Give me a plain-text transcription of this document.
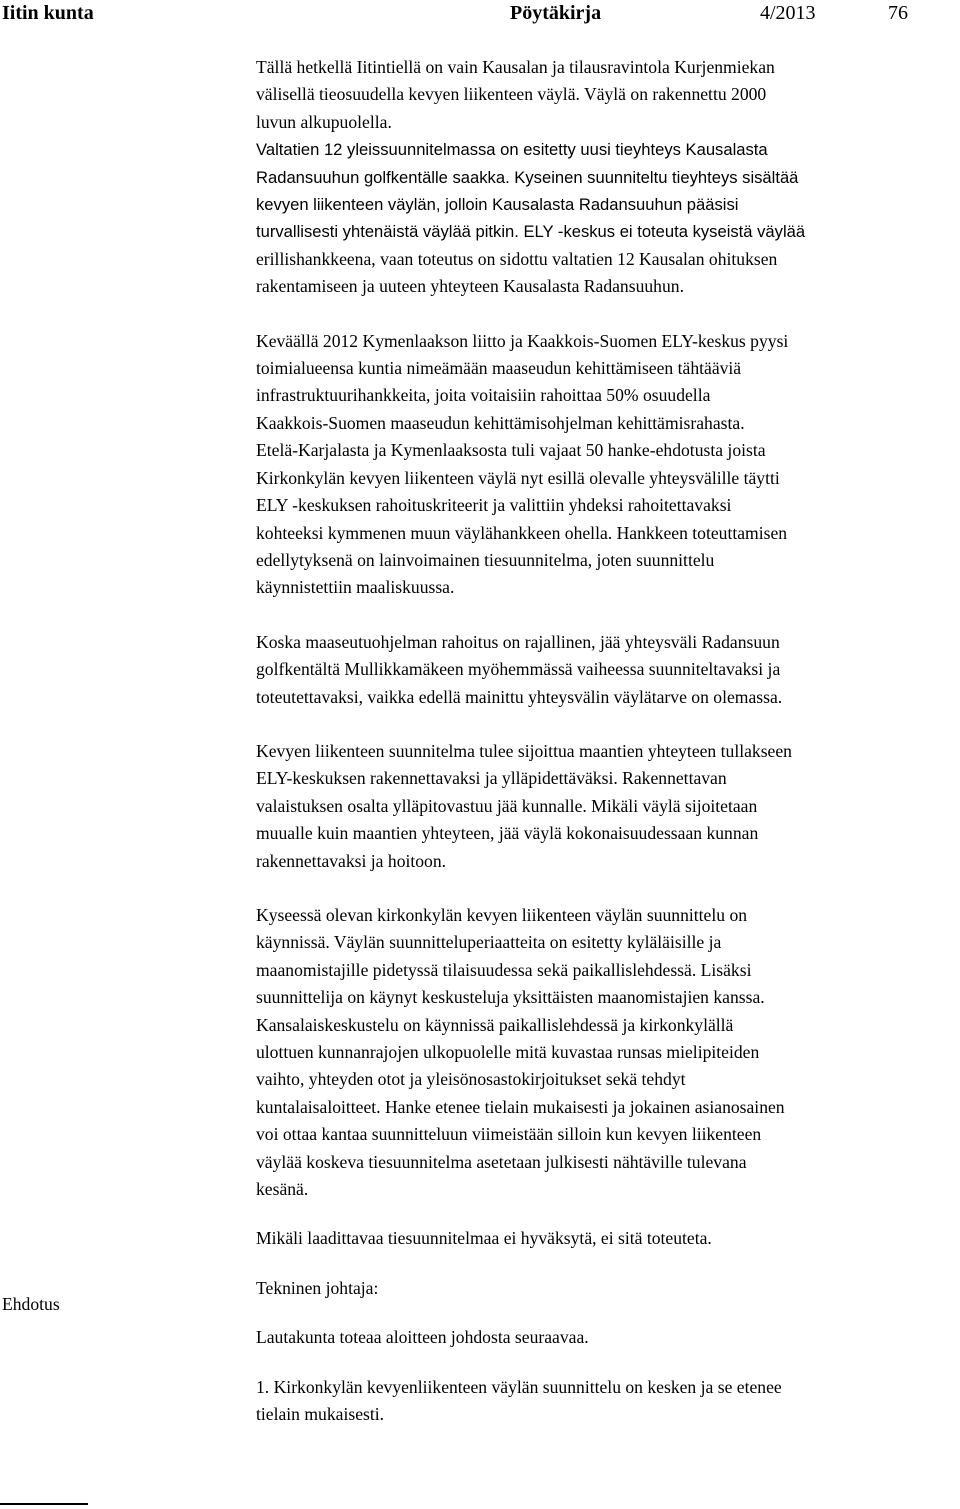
Iitin kunta	Pöytäkirja	4/2013	76

Tällä hetkellä Iitintiellä on vain Kausalan ja tilausravintola Kurjenmiekan
välisellä tieosuudella kevyen liikenteen väylä. Väylä on rakennettu 2000
luvun alkupuolella.
Valtatien 12 yleissuunnitelmassa on esitetty uusi tieyhteys Kausalasta
Radansuuhun golfkentälle saakka. Kyseinen suunniteltu tieyhteys sisältää
kevyen liikenteen väylän, jolloin Kausalasta Radansuuhun pääsisi
turvallisesti yhtenäistä väylää pitkin. ELY -keskus ei toteuta kyseistä väylää
erillishankkeena, vaan toteutus on sidottu valtatien 12 Kausalan ohituksen
rakentamiseen ja uuteen yhteyteen Kausalasta Radansuuhun.

Keväällä 2012 Kymenlaakson liitto ja Kaakkois-Suomen ELY-keskus pyysi
toimialueensa kuntia nimeämään maaseudun kehittämiseen tähtääviä
infrastruktuurihankkeita, joita voitaisiin rahoittaa 50% osuudella
Kaakkois-Suomen maaseudun kehittämisohjelman kehittämisrahasta.
Etelä-Karjalasta ja Kymenlaaksosta tuli vajaat 50 hanke-ehdotusta joista
Kirkonkylän kevyen liikenteen väylä nyt esillä olevalle yhteysvälille täytti
ELY -keskuksen rahoituskriteerit ja valittiin yhdeksi rahoitettavaksi
kohteeksi kymmenen muun väylähankkeen ohella. Hankkeen toteuttamisen
edellytyksenä on lainvoimainen tiesuunnitelma, joten suunnittelu
käynnistettiin maaliskuussa.

Koska maaseutuohjelman rahoitus on rajallinen, jää yhteysväli Radansuun
golfkentältä Mullikkamäkeen myöhemmässä vaiheessa suunniteltavaksi ja
toteutettavaksi, vaikka edellä mainittu yhteysvälin väylätarve on olemassa.

Kevyen liikenteen suunnitelma tulee sijoittua maantien yhteyteen tullakseen
ELY-keskuksen rakennettavaksi ja ylläpidettäväksi. Rakennettavan
valaistuksen osalta ylläpitovastuu jää kunnalle. Mikäli väylä sijoitetaan
muualle kuin maantien yhteyteen, jää väylä kokonaisuudessaan kunnan
rakennettavaksi ja hoitoon.

Kyseessä olevan kirkonkylän kevyen liikenteen väylän suunnittelu on
käynnissä. Väylän suunnitteluperiaatteita on esitetty kyläläisille ja
maanomistajille pidetyssä tilaisuudessa sekä paikallislehdessä. Lisäksi
suunnittelija on käynyt keskusteluja yksittäisten maanomistajien kanssa.
Kansalaiskeskustelu on käynnissä paikallislehdessä ja kirkonkylällä
ulottuen kunnanrajojen ulkopuolelle mitä kuvastaa runsas mielipiteiden
vaihto, yhteyden otot ja yleisönosastokirjoitukset sekä tehdyt
kuntalaisaloitteet. Hanke etenee tielain mukaisesti ja jokainen asianosainen
voi ottaa kantaa suunnitteluun viimeistään silloin kun kevyen liikenteen
väylää koskeva tiesuunnitelma asetetaan julkisesti nähtäville tulevana
kesänä.

Mikäli laadittavaa tiesuunnitelmaa ei hyväksytä, ei sitä toteuteta.

Tekninen johtaja:

Lautakunta toteaa aloitteen johdosta seuraavaa.

1. Kirkonkylän kevyenliikenteen väylän suunnittelu on kesken ja se etenee
tielain mukaisesti.

Ehdotus
